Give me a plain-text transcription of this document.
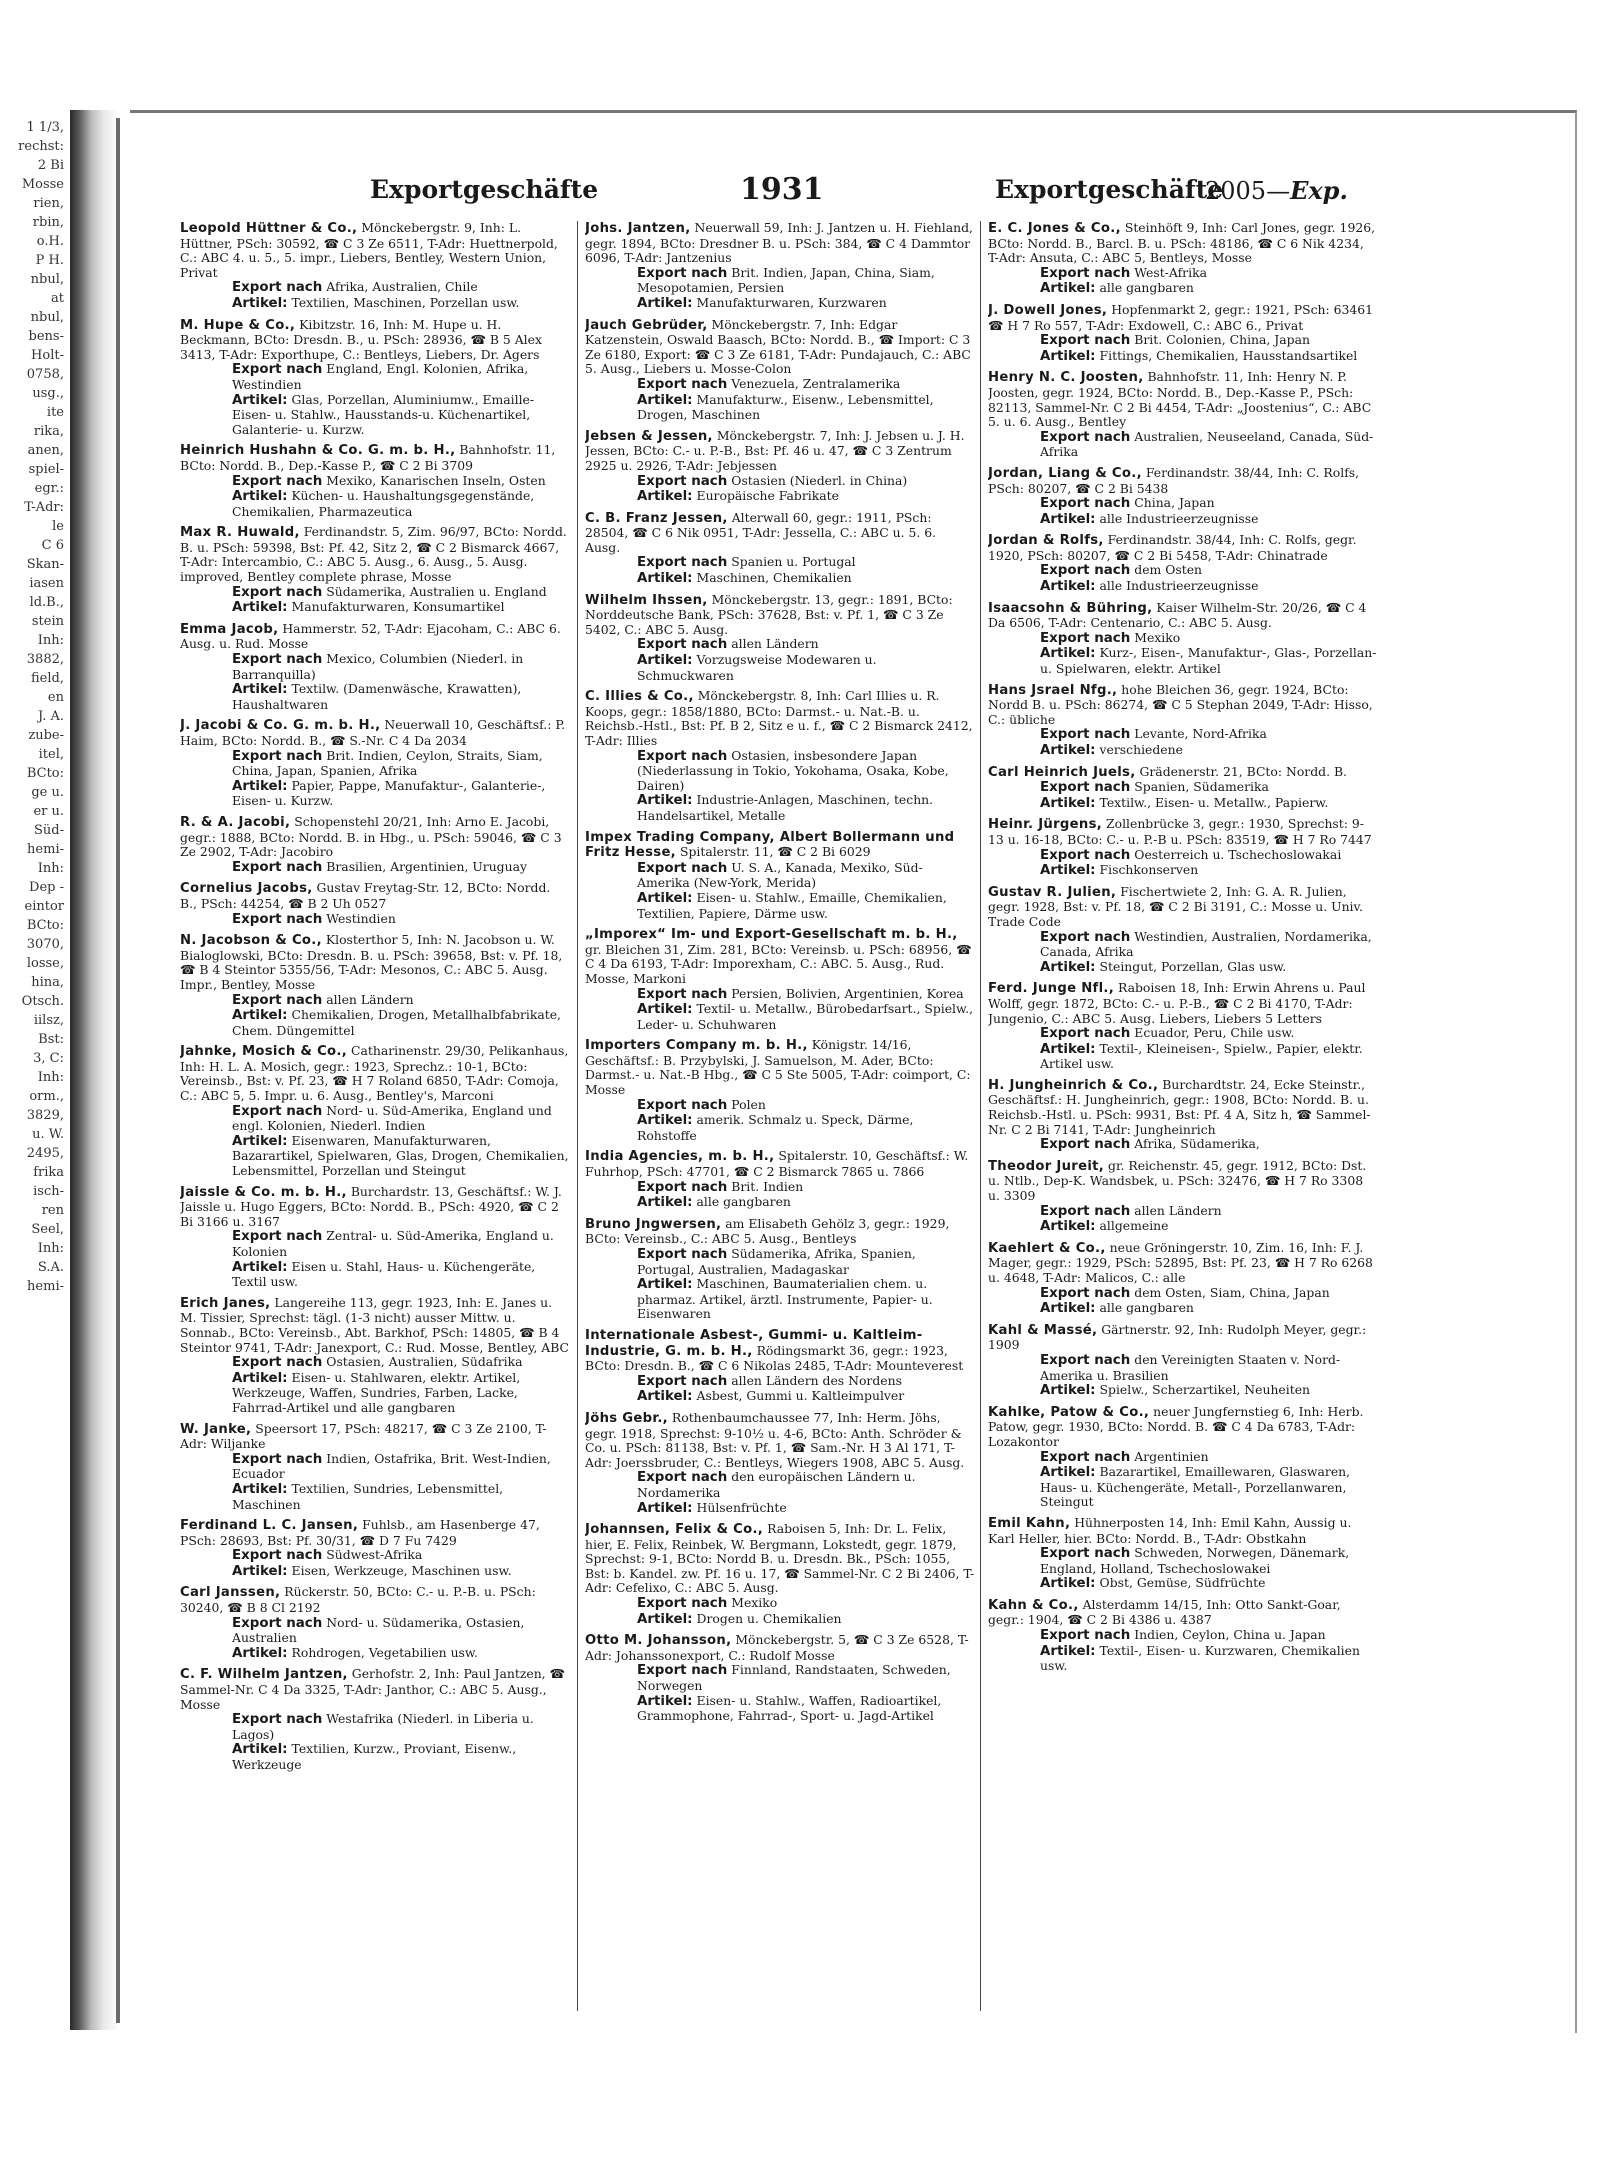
1 1/3,
rechst:
2 Bi
Mosse
rien,
rbin,
o.H.
P H.
nbul,
at
nbul,
bens-
Holt-
0758,
usg.,
ite
rika,
anen,
spiel-
egr.:
T-Adr:
le
C 6
Skan-
iasen
ld.B.,
stein
Inh:
3882,
field,
en
J. A.
zube-
itel,
BCto:
ge u.
er u.
Süd-
hemi-
Inh:
Dep -
eintor
BCto:
3070,
losse,
hina,
Otsch.
iilsz,
Bst:
3, C:
Inh:
orm.,
3829,
u. W.
2495,
frika
isch-
ren
Seel,
Inh:
S.A.
hemi-
Exportgeschäfte	1931	Exportgeschäfte
2005—Exp.
Leopold Hüttner & Co., Mönckebergstr. 9, Inh: L. Hüttner, PSch: 30592, ☎ C 3 Ze 6511, T-Adr: Huettnerpold, C.: ABC 4. u. 5., 5. impr., Liebers, Bentley, Western Union, Privat
Export nach Afrika, Australien, Chile
Artikel: Textilien, Maschinen, Porzellan usw.
M. Hupe & Co., Kibitzstr. 16, Inh: M. Hupe u. H. Beckmann, BCto: Dresdn. B., u. PSch: 28936, ☎ B 5 Alex 3413, T-Adr: Exporthupe, C.: Bentleys, Liebers, Dr. Agers
Export nach England, Engl. Kolonien, Afrika, Westindien
Artikel: Glas, Porzellan, Aluminiumw., Emaille-Eisen- u. Stahlw., Hausstands-u. Küchenartikel, Galanterie- u. Kurzw.
Heinrich Hushahn & Co. G. m. b. H., Bahnhofstr. 11, BCto: Nordd. B., Dep.-Kasse P., ☎ C 2 Bi 3709
Export nach Mexiko, Kanarischen Inseln, Osten
Artikel: Küchen- u. Haushaltungsgegenstände, Chemikalien, Pharmazeutica
Max R. Huwald, Ferdinandstr. 5, Zim. 96/97, BCto: Nordd. B. u. PSch: 59398, Bst: Pf. 42, Sitz 2, ☎ C 2 Bismarck 4667, T-Adr: Intercambio, C.: ABC 5. Ausg., 6. Ausg., 5. Ausg. improved, Bentley complete phrase, Mosse
Export nach Südamerika, Australien u. England
Artikel: Manufakturwaren, Konsumartikel
Emma Jacob, Hammerstr. 52, T-Adr: Ejacoham, C.: ABC 6. Ausg. u. Rud. Mosse
Export nach Mexico, Columbien (Niederl. in Barranquilla)
Artikel: Textilw. (Damenwäsche, Krawatten), Haushaltwaren
J. Jacobi & Co. G. m. b. H., Neuerwall 10, Geschäftsf.: P. Haim, BCto: Nordd. B., ☎ S.-Nr. C 4 Da 2034
Export nach Brit. Indien, Ceylon, Straits, Siam, China, Japan, Spanien, Afrika
Artikel: Papier, Pappe, Manufaktur-, Galanterie-, Eisen- u. Kurzw.
R. & A. Jacobi, Schopenstehl 20/21, Inh: Arno E. Jacobi, gegr.: 1888, BCto: Nordd. B. in Hbg., u. PSch: 59046, ☎ C 3 Ze 2902, T-Adr: Jacobiro
Export nach Brasilien, Argentinien, Uruguay
Cornelius Jacobs, Gustav Freytag-Str. 12, BCto: Nordd. B., PSch: 44254, ☎ B 2 Uh 0527
Export nach Westindien
N. Jacobson & Co., Klosterthor 5, Inh: N. Jacobson u. W. Bialoglowski, BCto: Dresdn. B. u. PSch: 39658, Bst: v. Pf. 18, ☎ B 4 Steintor 5355/56, T-Adr: Mesonos, C.: ABC 5. Ausg. Impr., Bentley, Mosse
Export nach allen Ländern
Artikel: Chemikalien, Drogen, Metallhalbfabrikate, Chem. Düngemittel
Jahnke, Mosich & Co., Catharinenstr. 29/30, Pelikanhaus, Inh: H. L. A. Mosich, gegr.: 1923, Sprechz.: 10-1, BCto: Vereinsb., Bst: v. Pf. 23, ☎ H 7 Roland 6850, T-Adr: Comoja, C.: ABC 5, 5. Impr. u. 6. Ausg., Bentley's, Marconi
Export nach Nord- u. Süd-Amerika, England und engl. Kolonien, Niederl. Indien
Artikel: Eisenwaren, Manufakturwaren, Bazarartikel, Spielwaren, Glas, Drogen, Chemikalien, Lebensmittel, Porzellan und Steingut
Jaissle & Co. m. b. H., Burchardstr. 13, Geschäftsf.: W. J. Jaissle u. Hugo Eggers, BCto: Nordd. B., PSch: 4920, ☎ C 2 Bi 3166 u. 3167
Export nach Zentral- u. Süd-Amerika, England u. Kolonien
Artikel: Eisen u. Stahl, Haus- u. Küchengeräte, Textil usw.
Erich Janes, Langereihe 113, gegr. 1923, Inh: E. Janes u. M. Tissier, Sprechst: tägl. (1-3 nicht) ausser Mittw. u. Sonnab., BCto: Vereinsb., Abt. Barkhof, PSch: 14805, ☎ B 4 Steintor 9741, T-Adr: Janexport, C.: Rud. Mosse, Bentley, ABC
Export nach Ostasien, Australien, Südafrika
Artikel: Eisen- u. Stahlwaren, elektr. Artikel, Werkzeuge, Waffen, Sundries, Farben, Lacke, Fahrrad-Artikel und alle gangbaren
W. Janke, Speersort 17, PSch: 48217, ☎ C 3 Ze 2100, T-Adr: Wiljanke
Export nach Indien, Ostafrika, Brit. West-Indien, Ecuador
Artikel: Textilien, Sundries, Lebensmittel, Maschinen
Ferdinand L. C. Jansen, Fuhlsb., am Hasenberge 47, PSch: 28693, Bst: Pf. 30/31, ☎ D 7 Fu 7429
Export nach Südwest-Afrika
Artikel: Eisen, Werkzeuge, Maschinen usw.
Carl Janssen, Rückerstr. 50, BCto: C.- u. P.-B. u. PSch: 30240, ☎ B 8 Cl 2192
Export nach Nord- u. Südamerika, Ostasien, Australien
Artikel: Rohdrogen, Vegetabilien usw.
C. F. Wilhelm Jantzen, Gerhofstr. 2, Inh: Paul Jantzen, ☎ Sammel-Nr. C 4 Da 3325, T-Adr: Janthor, C.: ABC 5. Ausg., Mosse
Export nach Westafrika (Niederl. in Liberia u. Lagos)
Artikel: Textilien, Kurzw., Proviant, Eisenw., Werkzeuge
Johs. Jantzen, Neuerwall 59, Inh: J. Jantzen u. H. Fiehland, gegr. 1894, BCto: Dresdner B. u. PSch: 384, ☎ C 4 Dammtor 6096, T-Adr: Jantzenius
Export nach Brit. Indien, Japan, China, Siam, Mesopotamien, Persien
Artikel: Manufakturwaren, Kurzwaren
Jauch Gebrüder, Mönckebergstr. 7, Inh: Edgar Katzenstein, Oswald Baasch, BCto: Nordd. B., ☎ Import: C 3 Ze 6180, Export: ☎ C 3 Ze 6181, T-Adr: Pundajauch, C.: ABC 5. Ausg., Liebers u. Mosse-Colon
Export nach Venezuela, Zentralamerika
Artikel: Manufakturw., Eisenw., Lebensmittel, Drogen, Maschinen
Jebsen & Jessen, Mönckebergstr. 7, Inh: J. Jebsen u. J. H. Jessen, BCto: C.- u. P.-B., Bst: Pf. 46 u. 47, ☎ C 3 Zentrum 2925 u. 2926, T-Adr: Jebjessen
Export nach Ostasien (Niederl. in China)
Artikel: Europäische Fabrikate
C. B. Franz Jessen, Alterwall 60, gegr.: 1911, PSch: 28504, ☎ C 6 Nik 0951, T-Adr: Jessella, C.: ABC u. 5. 6. Ausg.
Export nach Spanien u. Portugal
Artikel: Maschinen, Chemikalien
Wilhelm Ihssen, Mönckebergstr. 13, gegr.: 1891, BCto: Norddeutsche Bank, PSch: 37628, Bst: v. Pf. 1, ☎ C 3 Ze 5402, C.: ABC 5. Ausg.
Export nach allen Ländern
Artikel: Vorzugsweise Modewaren u. Schmuckwaren
C. Illies & Co., Mönckebergstr. 8, Inh: Carl Illies u. R. Koops, gegr.: 1858/1880, BCto: Darmst.- u. Nat.-B. u. Reichsb.-Hstl., Bst: Pf. B 2, Sitz e u. f., ☎ C 2 Bismarck 2412, T-Adr: Illies
Export nach Ostasien, insbesondere Japan (Niederlassung in Tokio, Yokohama, Osaka, Kobe, Dairen)
Artikel: Industrie-Anlagen, Maschinen, techn. Handelsartikel, Metalle
Impex Trading Company, Albert Bollermann und Fritz Hesse, Spitalerstr. 11, ☎ C 2 Bi 6029
Export nach U. S. A., Kanada, Mexiko, Süd-Amerika (New-York, Merida)
Artikel: Eisen- u. Stahlw., Emaille, Chemikalien, Textilien, Papiere, Därme usw.
„Imporex“ Im- und Export-Gesellschaft m. b. H., gr. Bleichen 31, Zim. 281, BCto: Vereinsb. u. PSch: 68956, ☎ C 4 Da 6193, T-Adr: Imporexham, C.: ABC. 5. Ausg., Rud. Mosse, Markoni
Export nach Persien, Bolivien, Argentinien, Korea
Artikel: Textil- u. Metallw., Bürobedarfsart., Spielw., Leder- u. Schuhwaren
Importers Company m. b. H., Königstr. 14/16, Geschäftsf.: B. Przybylski, J. Samuelson, M. Ader, BCto: Darmst.- u. Nat.-B Hbg., ☎ C 5 Ste 5005, T-Adr: coimport, C: Mosse
Export nach Polen
Artikel: amerik. Schmalz u. Speck, Därme, Rohstoffe
India Agencies, m. b. H., Spitalerstr. 10, Geschäftsf.: W. Fuhrhop, PSch: 47701, ☎ C 2 Bismarck 7865 u. 7866
Export nach Brit. Indien
Artikel: alle gangbaren
Bruno Jngwersen, am Elisabeth Gehölz 3, gegr.: 1929, BCto: Vereinsb., C.: ABC 5. Ausg., Bentleys
Export nach Südamerika, Afrika, Spanien, Portugal, Australien, Madagaskar
Artikel: Maschinen, Baumaterialien chem. u. pharmaz. Artikel, ärztl. Instrumente, Papier- u. Eisenwaren
Internationale Asbest-, Gummi- u. Kaltleim-Industrie, G. m. b. H., Rödingsmarkt 36, gegr.: 1923, BCto: Dresdn. B., ☎ C 6 Nikolas 2485, T-Adr: Mounteverest
Export nach allen Ländern des Nordens
Artikel: Asbest, Gummi u. Kaltleimpulver
Jöhs Gebr., Rothenbaumchaussee 77, Inh: Herm. Jöhs, gegr. 1918, Sprechst: 9-10½ u. 4-6, BCto: Anth. Schröder & Co. u. PSch: 81138, Bst: v. Pf. 1, ☎ Sam.-Nr. H 3 Al 171, T-Adr: Joerssbruder, C.: Bentleys, Wiegers 1908, ABC 5. Ausg.
Export nach den europäischen Ländern u. Nordamerika
Artikel: Hülsenfrüchte
Johannsen, Felix & Co., Raboisen 5, Inh: Dr. L. Felix, hier, E. Felix, Reinbek, W. Bergmann, Lokstedt, gegr. 1879, Sprechst: 9-1, BCto: Nordd B. u. Dresdn. Bk., PSch: 1055, Bst: b. Kandel. zw. Pf. 16 u. 17, ☎ Sammel-Nr. C 2 Bi 2406, T-Adr: Cefelixo, C.: ABC 5. Ausg.
Export nach Mexiko
Artikel: Drogen u. Chemikalien
Otto M. Johansson, Mönckebergstr. 5, ☎ C 3 Ze 6528, T-Adr: Johanssonexport, C.: Rudolf Mosse
Export nach Finnland, Randstaaten, Schweden, Norwegen
Artikel: Eisen- u. Stahlw., Waffen, Radioartikel, Grammophone, Fahrrad-, Sport- u. Jagd-Artikel
E. C. Jones & Co., Steinhöft 9, Inh: Carl Jones, gegr. 1926, BCto: Nordd. B., Barcl. B. u. PSch: 48186, ☎ C 6 Nik 4234, T-Adr: Ansuta, C.: ABC 5, Bentleys, Mosse
Export nach West-Afrika
Artikel: alle gangbaren
J. Dowell Jones, Hopfenmarkt 2, gegr.: 1921, PSch: 63461 ☎ H 7 Ro 557, T-Adr: Exdowell, C.: ABC 6., Privat
Export nach Brit. Colonien, China, Japan
Artikel: Fittings, Chemikalien, Hausstandsartikel
Henry N. C. Joosten, Bahnhofstr. 11, Inh: Henry N. P. Joosten, gegr. 1924, BCto: Nordd. B., Dep.-Kasse P., PSch: 82113, Sammel-Nr. C 2 Bi 4454, T-Adr: „Joostenius“, C.: ABC 5. u. 6. Ausg., Bentley
Export nach Australien, Neuseeland, Canada, Süd-Afrika
Jordan, Liang & Co., Ferdinandstr. 38/44, Inh: C. Rolfs, PSch: 80207, ☎ C 2 Bi 5438
Export nach China, Japan
Artikel: alle Industrieerzeugnisse
Jordan & Rolfs, Ferdinandstr. 38/44, Inh: C. Rolfs, gegr. 1920, PSch: 80207, ☎ C 2 Bi 5458, T-Adr: Chinatrade
Export nach dem Osten
Artikel: alle Industrieerzeugnisse
Isaacsohn & Bühring, Kaiser Wilhelm-Str. 20/26, ☎ C 4 Da 6506, T-Adr: Centenario, C.: ABC 5. Ausg.
Export nach Mexiko
Artikel: Kurz-, Eisen-, Manufaktur-, Glas-, Porzellan- u. Spielwaren, elektr. Artikel
Hans Jsrael Nfg., hohe Bleichen 36, gegr. 1924, BCto: Nordd B. u. PSch: 86274, ☎ C 5 Stephan 2049, T-Adr: Hisso, C.: übliche
Export nach Levante, Nord-Afrika
Artikel: verschiedene
Carl Heinrich Juels, Grädenerstr. 21, BCto: Nordd. B.
Export nach Spanien, Südamerika
Artikel: Textilw., Eisen- u. Metallw., Papierw.
Heinr. Jürgens, Zollenbrücke 3, gegr.: 1930, Sprechst: 9-13 u. 16-18, BCto: C.- u. P.-B u. PSch: 83519, ☎ H 7 Ro 7447
Export nach Oesterreich u. Tschechoslowakai
Artikel: Fischkonserven
Gustav R. Julien, Fischertwiete 2, Inh: G. A. R. Julien, gegr. 1928, Bst: v. Pf. 18, ☎ C 2 Bi 3191, C.: Mosse u. Univ. Trade Code
Export nach Westindien, Australien, Nordamerika, Canada, Afrika
Artikel: Steingut, Porzellan, Glas usw.
Ferd. Junge Nfl., Raboisen 18, Inh: Erwin Ahrens u. Paul Wolff, gegr. 1872, BCto: C.- u. P.-B., ☎ C 2 Bi 4170, T-Adr: Jungenio, C.: ABC 5. Ausg. Liebers, Liebers 5 Letters
Export nach Ecuador, Peru, Chile usw.
Artikel: Textil-, Kleineisen-, Spielw., Papier, elektr. Artikel usw.
H. Jungheinrich & Co., Burchardtstr. 24, Ecke Steinstr., Geschäftsf.: H. Jungheinrich, gegr.: 1908, BCto: Nordd. B. u. Reichsb.-Hstl. u. PSch: 9931, Bst: Pf. 4 A, Sitz h, ☎ Sammel-Nr. C 2 Bi 7141, T-Adr: Jungheinrich
Export nach Afrika, Südamerika,
Theodor Jureit, gr. Reichenstr. 45, gegr. 1912, BCto: Dst. u. Ntlb., Dep-K. Wandsbek, u. PSch: 32476, ☎ H 7 Ro 3308 u. 3309
Export nach allen Ländern
Artikel: allgemeine
Kaehlert & Co., neue Gröningerstr. 10, Zim. 16, Inh: F. J. Mager, gegr.: 1929, PSch: 52895, Bst: Pf. 23, ☎ H 7 Ro 6268 u. 4648, T-Adr: Malicos, C.: alle
Export nach dem Osten, Siam, China, Japan
Artikel: alle gangbaren
Kahl & Massé, Gärtnerstr. 92, Inh: Rudolph Meyer, gegr.: 1909
Export nach den Vereinigten Staaten v. Nord-Amerika u. Brasilien
Artikel: Spielw., Scherzartikel, Neuheiten
Kahlke, Patow & Co., neuer Jungfernstieg 6, Inh: Herb. Patow, gegr. 1930, BCto: Nordd. B. ☎ C 4 Da 6783, T-Adr: Lozakontor
Export nach Argentinien
Artikel: Bazarartikel, Emaillewaren, Glaswaren, Haus- u. Küchengeräte, Metall-, Porzellanwaren, Steingut
Emil Kahn, Hühnerposten 14, Inh: Emil Kahn, Aussig u. Karl Heller, hier. BCto: Nordd. B., T-Adr: Obstkahn
Export nach Schweden, Norwegen, Dänemark, England, Holland, Tschechoslowakei
Artikel: Obst, Gemüse, Südfrüchte
Kahn & Co., Alsterdamm 14/15, Inh: Otto Sankt-Goar, gegr.: 1904, ☎ C 2 Bi 4386 u. 4387
Export nach Indien, Ceylon, China u. Japan
Artikel: Textil-, Eisen- u. Kurzwaren, Chemikalien usw.
